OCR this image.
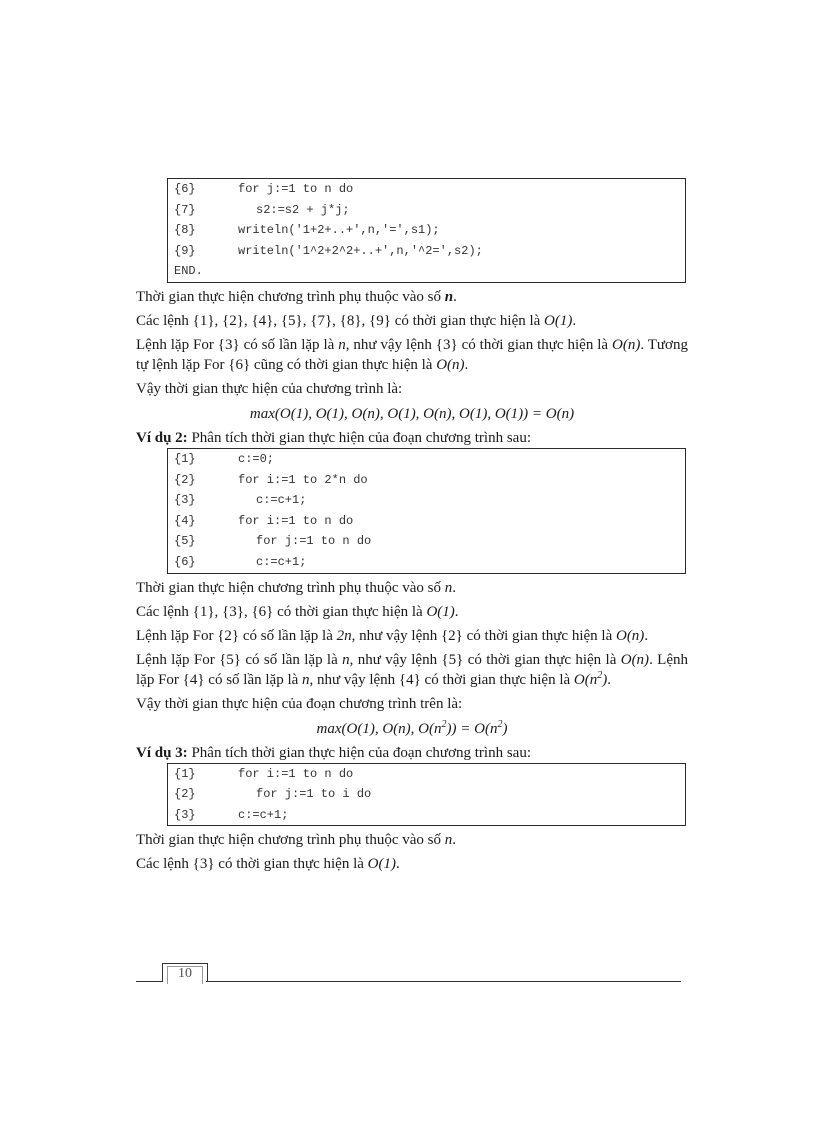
{6}	for j:=1 to n do
{7}	s2:=s2 + j*j;
{8}	writeln('1+2+..+',n,'=',s1);
{9}	writeln('1^2+2^2+..+',n,'^2=',s2);
END.

Thời gian thực hiện chương trình phụ thuộc vào số n.

Các lệnh {1}, {2}, {4}, {5}, {7}, {8}, {9} có thời gian thực hiện là O(1).

Lệnh lặp For {3} có số lần lặp là n, như vậy lệnh {3} có thời gian thực hiện là O(n). Tương tự lệnh lặp For {6} cũng có thời gian thực hiện là O(n).

Vậy thời gian thực hiện của chương trình là:

max(O(1), O(1), O(n), O(1), O(n), O(1), O(1)) = O(n)

Ví dụ 2: Phân tích thời gian thực hiện của đoạn chương trình sau:

{1}	c:=0;
{2}	for i:=1 to 2*n do
{3}	c:=c+1;
{4}	for i:=1 to n do
{5}	for j:=1 to n do
{6}	c:=c+1;

Thời gian thực hiện chương trình phụ thuộc vào số n.

Các lệnh {1}, {3}, {6} có thời gian thực hiện là O(1).

Lệnh lặp For {2} có số lần lặp là 2n, như vậy lệnh {2} có thời gian thực hiện là O(n).

Lệnh lặp For {5} có số lần lặp là n, như vậy lệnh {5} có thời gian thực hiện là O(n). Lệnh lặp For {4} có số lần lặp là n, như vậy lệnh {4} có thời gian thực hiện là $O(n^2)$.

Vậy thời gian thực hiện của đoạn chương trình trên là:

max(O(1), O(n), $O(n^2)) = O(n^2)$

Ví dụ 3: Phân tích thời gian thực hiện của đoạn chương trình sau:

{1}	for i:=1 to n do
{2}	for j:=1 to i do
{3}	c:=c+1;

Thời gian thực hiện chương trình phụ thuộc vào số n.

Các lệnh {3} có thời gian thực hiện là O(1).

10
